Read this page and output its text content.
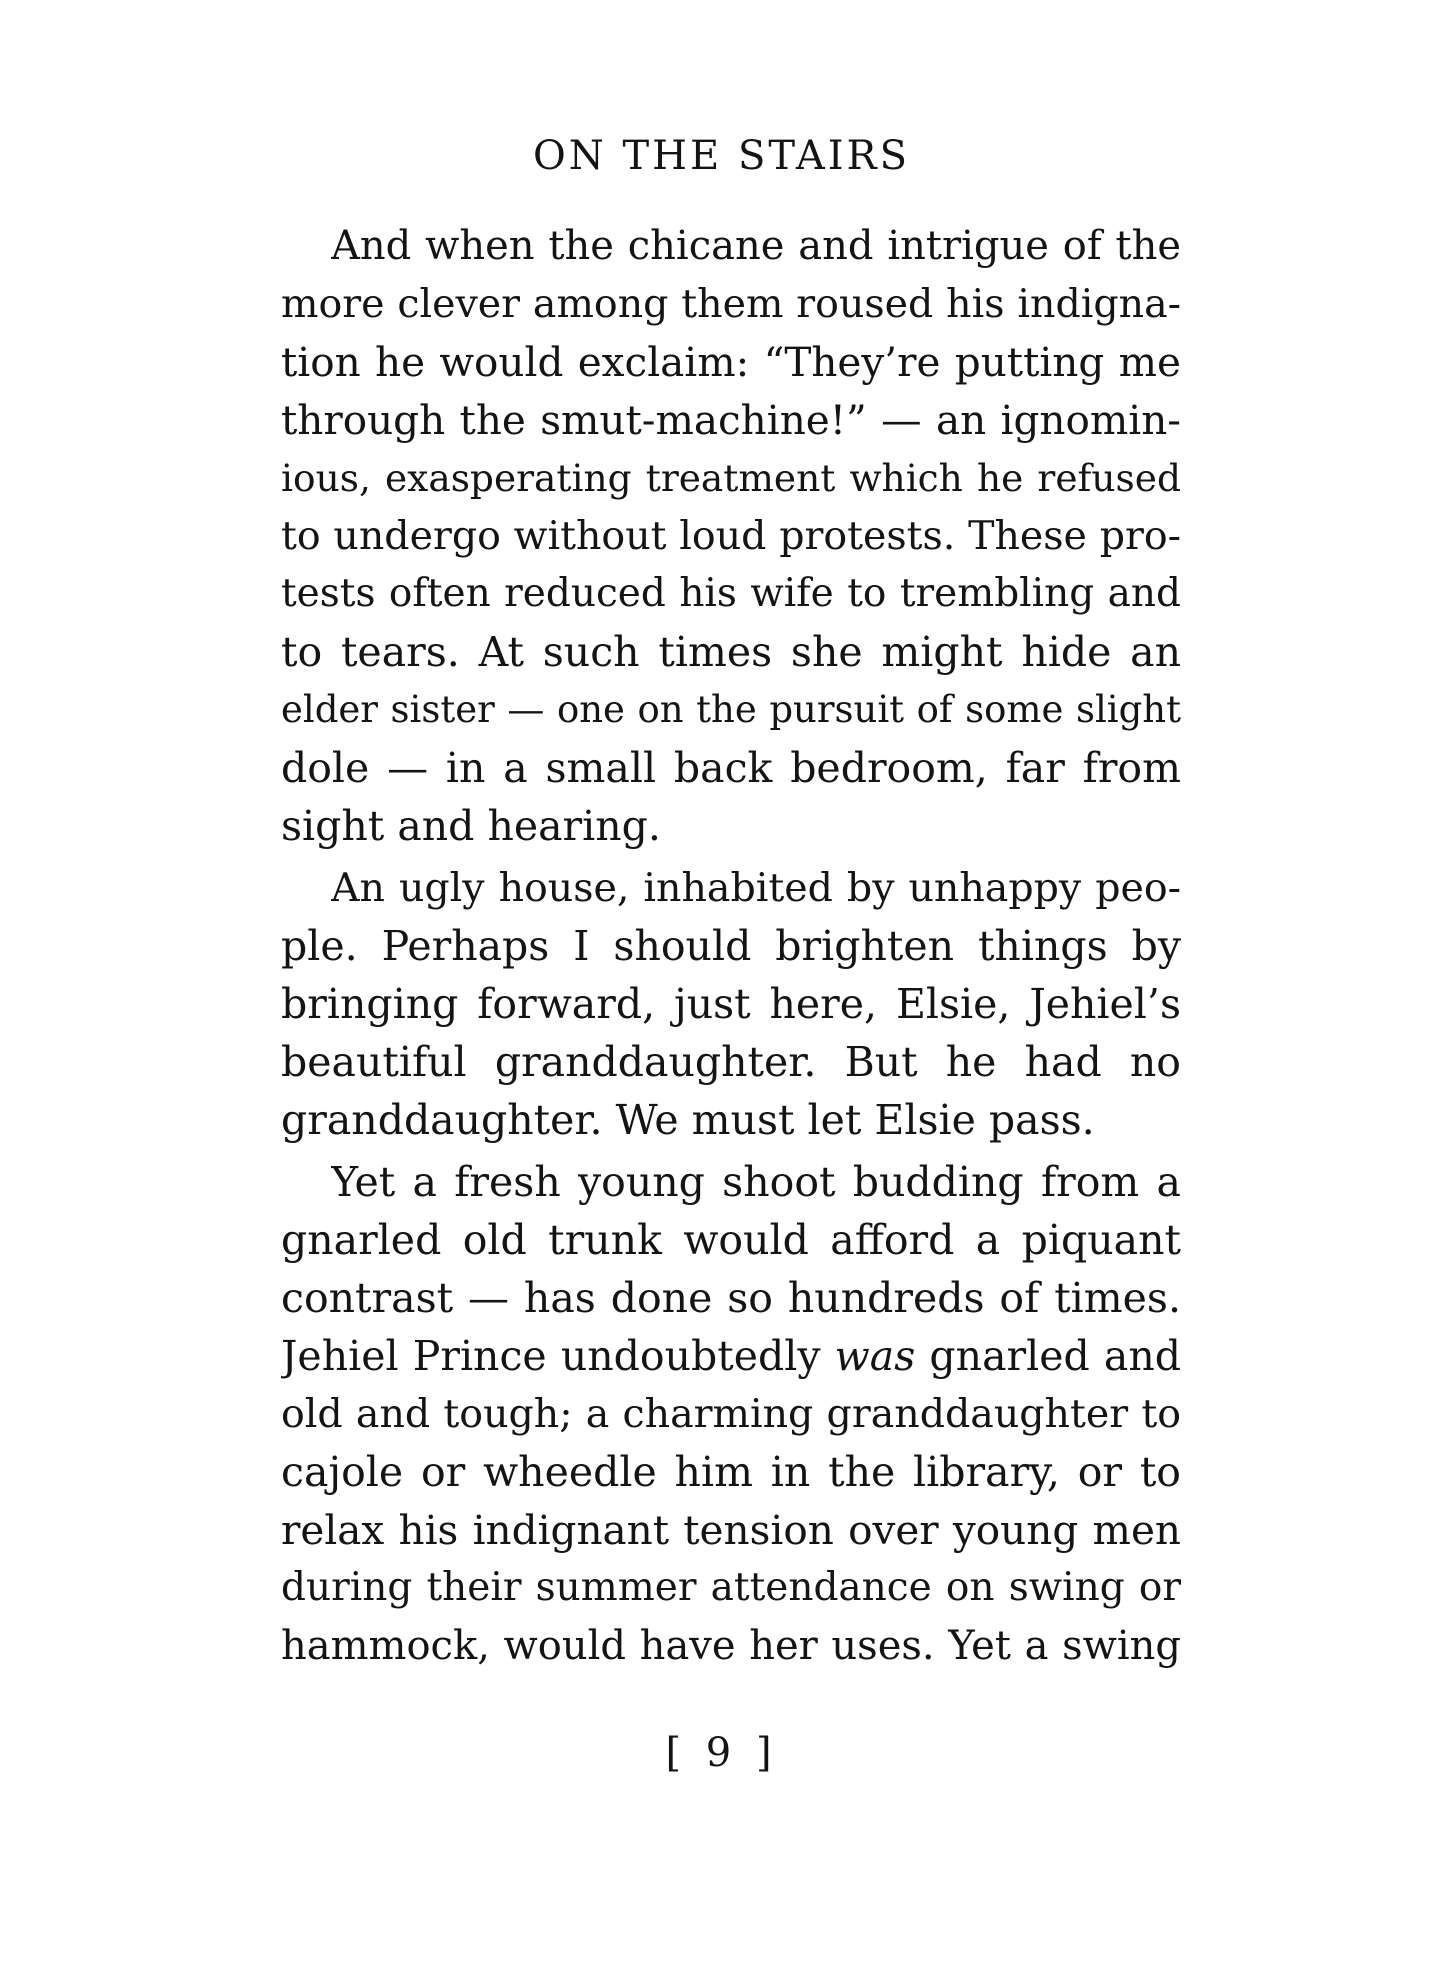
ON THE STAIRS
And when the chicane and intrigue of the
more clever among them roused his indigna-
tion he would exclaim: “They’re putting me
through the smut-machine!” — an ignomin-
ious, exasperating treatment which he refused
to undergo without loud protests. These pro-
tests often reduced his wife to trembling and
to tears. At such times she might hide an
elder sister — one on the pursuit of some slight
dole — in a small back bedroom, far from
sight and hearing.
An ugly house, inhabited by unhappy peo-
ple. Perhaps I should brighten things by
bringing forward, just here, Elsie, Jehiel’s
beautiful granddaughter. But he had no
granddaughter. We must let Elsie pass.
Yet a fresh young shoot budding from a
gnarled old trunk would afford a piquant
contrast — has done so hundreds of times.
Jehiel Prince undoubtedly was gnarled and
old and tough; a charming granddaughter to
cajole or wheedle him in the library, or to
relax his indignant tension over young men
during their summer attendance on swing or
hammock, would have her uses. Yet a swing
[ 9 ]
